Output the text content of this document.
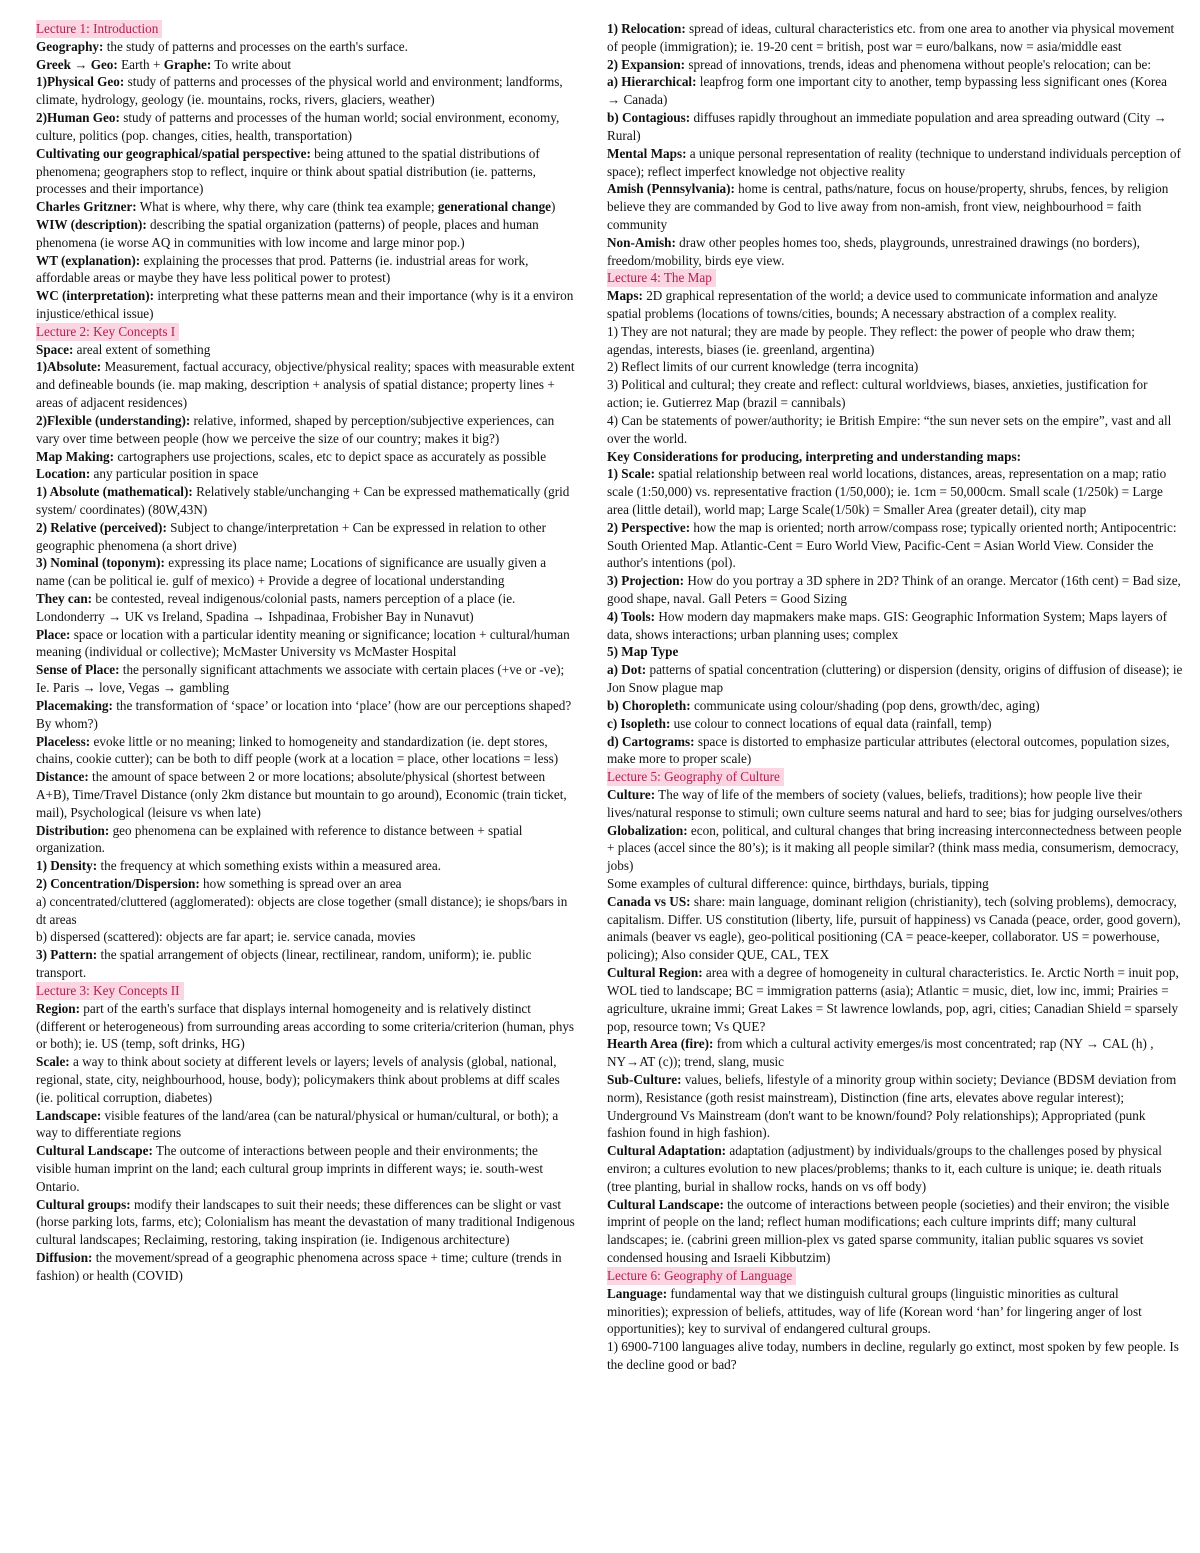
Lecture 1: Introduction
Geography: the study of patterns and processes on the earth's surface.
Greek → Geo: Earth + Graphe: To write about
1)Physical Geo: study of patterns and processes of the physical world and environment; landforms, climate, hydrology, geology (ie. mountains, rocks, rivers, glaciers, weather)
2)Human Geo: study of patterns and processes of the human world; social environment, economy, culture, politics (pop. changes, cities, health, transportation)
Cultivating our geographical/spatial perspective: being attuned to the spatial distributions of phenomena; geographers stop to reflect, inquire or think about spatial distribution (ie. patterns, processes and their importance)
Charles Gritzner: What is where, why there, why care (think tea example; generational change)
WIW (description): describing the spatial organization (patterns) of people, places and human phenomena (ie worse AQ in communities with low income and large minor pop.)
WT (explanation): explaining the processes that prod. Patterns (ie. industrial areas for work, affordable areas or maybe they have less political power to protest)
WC (interpretation): interpreting what these patterns mean and their importance (why is it a environ injustice/ethical issue)
Lecture 2: Key Concepts I
Space: areal extent of something
1)Absolute: Measurement, factual accuracy, objective/physical reality; spaces with measurable extent and defineable bounds (ie. map making, description + analysis of spatial distance; property lines + areas of adjacent residences)
2)Flexible (understanding): relative, informed, shaped by perception/subjective experiences, can vary over time between people (how we perceive the size of our country; makes it big?)
Map Making: cartographers use projections, scales, etc to depict space as accurately as possible
Location: any particular position in space
1) Absolute (mathematical): Relatively stable/unchanging + Can be expressed mathematically (grid system/ coordinates) (80W,43N)
2) Relative (perceived): Subject to change/interpretation + Can be expressed in relation to other geographic phenomena (a short drive)
3) Nominal (toponym): expressing its place name; Locations of significance are usually given a name (can be political ie. gulf of mexico) + Provide a degree of locational understanding
They can: be contested, reveal indigenous/colonial pasts, namers perception of a place (ie. Londonderry → UK vs Ireland, Spadina → Ishpadinaa, Frobisher Bay in Nunavut)
Place: space or location with a particular identity meaning or significance; location + cultural/human meaning (individual or collective); McMaster University vs McMaster Hospital
Sense of Place: the personally significant attachments we associate with certain places (+ve or -ve); Ie. Paris → love, Vegas → gambling
Placemaking: the transformation of ‘space’ or location into ‘place’ (how are our perceptions shaped? By whom?)
Placeless: evoke little or no meaning; linked to homogeneity and standardization (ie. dept stores, chains, cookie cutter); can be both to diff people (work at a location = place, other locations = less)
Distance: the amount of space between 2 or more locations; absolute/physical (shortest between A+B), Time/Travel Distance (only 2km distance but mountain to go around), Economic (train ticket, mail), Psychological (leisure vs when late)
Distribution: geo phenomena can be explained with reference to distance between + spatial organization.
1) Density: the frequency at which something exists within a measured area.
2) Concentration/Dispersion: how something is spread over an area
a) concentrated/cluttered (agglomerated): objects are close together (small distance); ie shops/bars in dt areas
b) dispersed (scattered): objects are far apart; ie. service canada, movies
3) Pattern: the spatial arrangement of objects (linear, rectilinear, random, uniform); ie. public transport.
Lecture 3: Key Concepts II
Region: part of the earth's surface that displays internal homogeneity and is relatively distinct (different or heterogeneous) from surrounding areas according to some criteria/criterion (human, phys or both); ie. US (temp, soft drinks, HG)
Scale: a way to think about society at different levels or layers; levels of analysis (global, national, regional, state, city, neighbourhood, house, body); policymakers think about problems at diff scales (ie. political corruption, diabetes)
Landscape: visible features of the land/area (can be natural/physical or human/cultural, or both); a way to differentiate regions
Cultural Landscape: The outcome of interactions between people and their environments; the visible human imprint on the land; each cultural group imprints in different ways; ie. south-west Ontario.
Cultural groups: modify their landscapes to suit their needs; these differences can be slight or vast (horse parking lots, farms, etc); Colonialism has meant the devastation of many traditional Indigenous cultural landscapes; Reclaiming, restoring, taking inspiration (ie. Indigenous architecture)
Diffusion: the movement/spread of a geographic phenomena across space + time; culture (trends in fashion) or health (COVID)
1) Relocation: spread of ideas, cultural characteristics etc. from one area to another via physical movement of people (immigration); ie. 19-20 cent = british, post war = euro/balkans, now = asia/middle east
2) Expansion: spread of innovations, trends, ideas and phenomena without people's relocation; can be:
a) Hierarchical: leapfrog form one important city to another, temp bypassing less significant ones (Korea → Canada)
b) Contagious: diffuses rapidly throughout an immediate population and area spreading outward (City → Rural)
Mental Maps: a unique personal representation of reality (technique to understand individuals perception of space); reflect imperfect knowledge not objective reality
Amish (Pennsylvania): home is central, paths/nature, focus on house/property, shrubs, fences, by religion believe they are commanded by God to live away from non-amish, front view, neighbourhood = faith community
Non-Amish: draw other peoples homes too, sheds, playgrounds, unrestrained drawings (no borders), freedom/mobility, birds eye view.
Lecture 4: The Map
Maps: 2D graphical representation of the world; a device used to communicate information and analyze spatial problems (locations of towns/cities, bounds; A necessary abstraction of a complex reality.
1) They are not natural; they are made by people. They reflect: the power of people who draw them; agendas, interests, biases (ie. greenland, argentina)
2) Reflect limits of our current knowledge (terra incognita)
3) Political and cultural; they create and reflect: cultural worldviews, biases, anxieties, justification for action; ie. Gutierrez Map (brazil = cannibals)
4) Can be statements of power/authority; ie British Empire: “the sun never sets on the empire”, vast and all over the world.
Key Considerations for producing, interpreting and understanding maps:
1) Scale: spatial relationship between real world locations, distances, areas, representation on a map; ratio scale (1:50,000) vs. representative fraction (1/50,000); ie. 1cm = 50,000cm. Small scale (1/250k) = Large area (little detail), world map; Large Scale(1/50k) = Smaller Area (greater detail), city map
2) Perspective: how the map is oriented; north arrow/compass rose; typically oriented north; Antipocentric: South Oriented Map. Atlantic-Cent = Euro World View, Pacific-Cent = Asian World View. Consider the author's intentions (pol).
3) Projection: How do you portray a 3D sphere in 2D? Think of an orange. Mercator (16th cent) = Bad size, good shape, naval. Gall Peters = Good Sizing
4) Tools: How modern day mapmakers make maps. GIS: Geographic Information System; Maps layers of data, shows interactions; urban planning uses; complex
5) Map Type
a) Dot: patterns of spatial concentration (cluttering) or dispersion (density, origins of diffusion of disease); ie Jon Snow plague map
b) Choropleth: communicate using colour/shading (pop dens, growth/dec, aging)
c) Isopleth: use colour to connect locations of equal data (rainfall, temp)
d) Cartograms: space is distorted to emphasize particular attributes (electoral outcomes, population sizes, make more to proper scale)
Lecture 5: Geography of Culture
Culture: The way of life of the members of society (values, beliefs, traditions); how people live their lives/natural response to stimuli; own culture seems natural and hard to see; bias for judging ourselves/others
Globalization: econ, political, and cultural changes that bring increasing interconnectedness between people + places (accel since the 80’s); is it making all people similar? (think mass media, consumerism, democracy, jobs)
Some examples of cultural difference: quince, birthdays, burials, tipping
Canada vs US: share: main language, dominant religion (christianity), tech (solving problems), democracy, capitalism. Differ. US constitution (liberty, life, pursuit of happiness) vs Canada (peace, order, good govern), animals (beaver vs eagle), geo-political positioning (CA = peace-keeper, collaborator. US = powerhouse, policing); Also consider QUE, CAL, TEX
Cultural Region: area with a degree of homogeneity in cultural characteristics. Ie. Arctic North = inuit pop, WOL tied to landscape; BC = immigration patterns (asia); Atlantic = music, diet, low inc, immi; Prairies = agriculture, ukraine immi; Great Lakes = St lawrence lowlands, pop, agri, cities; Canadian Shield = sparsely pop, resource town; Vs QUE?
Hearth Area (fire): from which a cultural activity emerges/is most concentrated; rap (NY → CAL (h) , NY→AT (c)); trend, slang, music
Sub-Culture: values, beliefs, lifestyle of a minority group within society; Deviance (BDSM deviation from norm), Resistance (goth resist mainstream), Distinction (fine arts, elevates above regular interest); Underground Vs Mainstream (don't want to be known/found? Poly relationships); Appropriated (punk fashion found in high fashion).
Cultural Adaptation: adaptation (adjustment) by individuals/groups to the challenges posed by physical environ; a cultures evolution to new places/problems; thanks to it, each culture is unique; ie. death rituals (tree planting, burial in shallow rocks, hands on vs off body)
Cultural Landscape: the outcome of interactions between people (societies) and their environ; the visible imprint of people on the land; reflect human modifications; each culture imprints diff; many cultural landscapes; ie. (cabrini green million-plex vs gated sparse community, italian public squares vs soviet condensed housing and Israeli Kibbutzim)
Lecture 6: Geography of Language
Language: fundamental way that we distinguish cultural groups (linguistic minorities as cultural minorities); expression of beliefs, attitudes, way of life (Korean word ‘han’ for lingering anger of lost opportunities); key to survival of endangered cultural groups.
1) 6900-7100 languages alive today, numbers in decline, regularly go extinct, most spoken by few people. Is the decline good or bad?
